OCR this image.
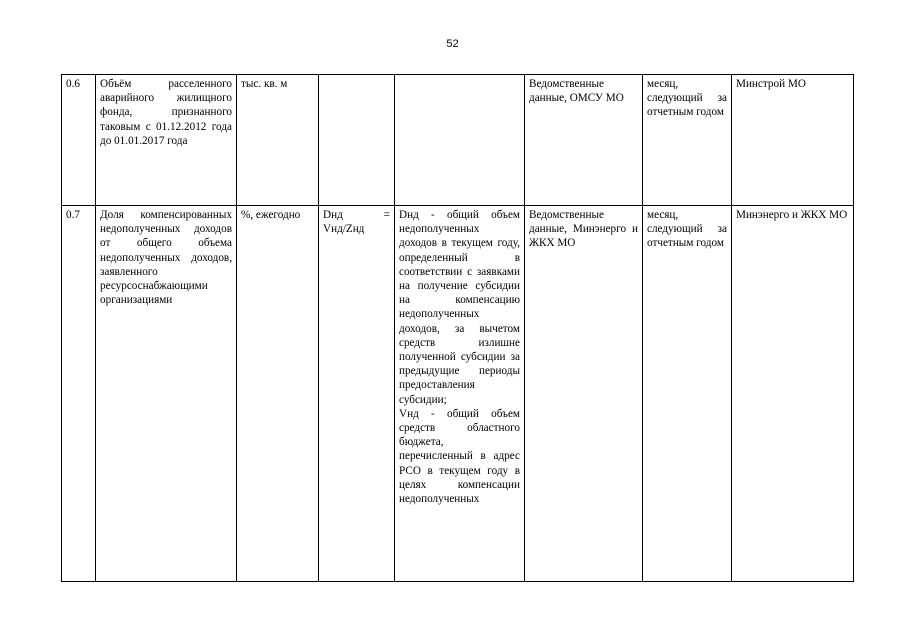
52
0.6	Объём расселенного аварийного жилищного фонда, признанного таковым с 01.12.2012 года до 01.01.2017 года	тыс. кв. м			Ведомственные данные, ОМСУ МО	месяц, следующий за отчетным годом	Минстрой МО
0.7	Доля компенсированных недополученных доходов от общего объема недополученных доходов, заявленного ресурсоснабжающими организациями	%, ежегодно	Dнд = Vнд/Zнд	Dнд - общий объем недополученных доходов в текущем году, определенный в соответствии с заявками на получение субсидии на компенсацию недополученных доходов, за вычетом средств излишне полученной субсидии за предыдущие периоды предоставления субсидии;
Vнд - общий объем средств областного бюджета, перечисленный в адрес РСО в текущем году в целях компенсации недополученных	Ведомственные данные, Минэнерго и ЖКХ МО	месяц, следующий за отчетным годом	Минэнерго и ЖКХ МО
